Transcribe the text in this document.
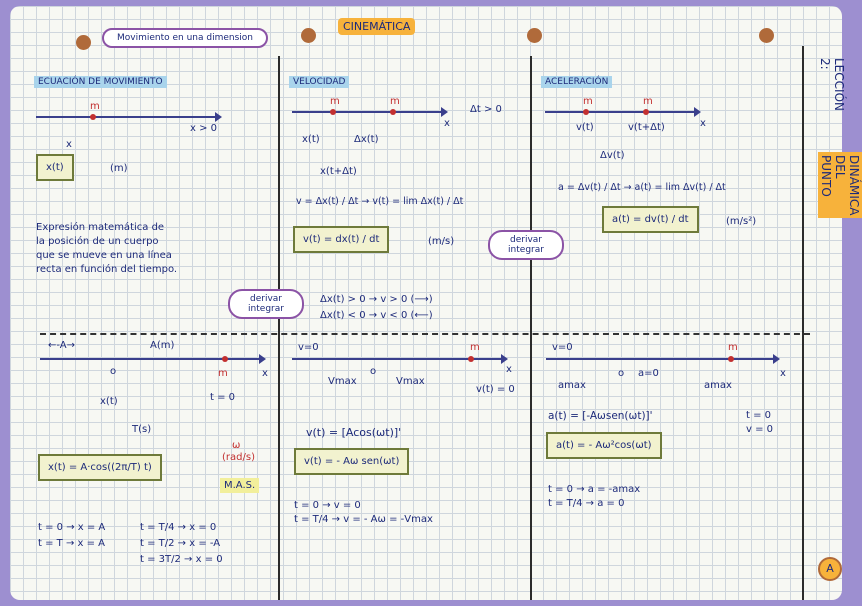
Movimiento en una dimension
CINEMÁTICA
ECUACIÓN DE MOVIMIENTO
m
x
x > 0
x(t)	(m)
Expresión matemática de
la posición de un cuerpo
que se mueve en una línea
recta en función del tiempo.
derivar
integrar
VELOCIDAD
m	m
Δt > 0
x
x(t)	Δx(t)
x(t+Δt)
v = Δx(t) / Δt → v(t) = lim Δx(t) / Δt
v(t) = dx(t) / dt	(m/s)
Δx(t) > 0 → v > 0 (⟶)
Δx(t) < 0 → v < 0 (⟵)
derivar
integrar
ACELERACIÓN
m	m
x
v(t)	v(t+Δt)
Δv(t)
a = Δv(t) / Δt → a(t) = lim Δv(t) / Δt
a(t) = dv(t) / dt	(m/s²)
←-A→	A(m)
o	m	x
x(t)	t = 0
T(s)
x(t) = A·cos((2π/T) t)
ω
(rad/s)
M.A.S.
t = 0 → x = A
t = T → x = A
t = T/4 → x = 0
t = T/2 → x = -A
t = 3T/2 → x = 0
v=0	m
x
Vmax
o
Vmax
v(t) = 0
v(t) = [Acos(ωt)]'
v(t) = - Aω sen(ωt)
t = 0 → v = 0
t = T/4 → v = - Aω = -Vmax
v=0	m
x
o a=0
amax	amax
a(t) = [-Aωsen(ωt)]'	t = 0
v = 0
a(t) = - Aω²cos(ωt)
t = 0 → a = -amax
t = T/4 → a = 0
LECCIÓN 2:
DINÁMICA DEL PUNTO
A
